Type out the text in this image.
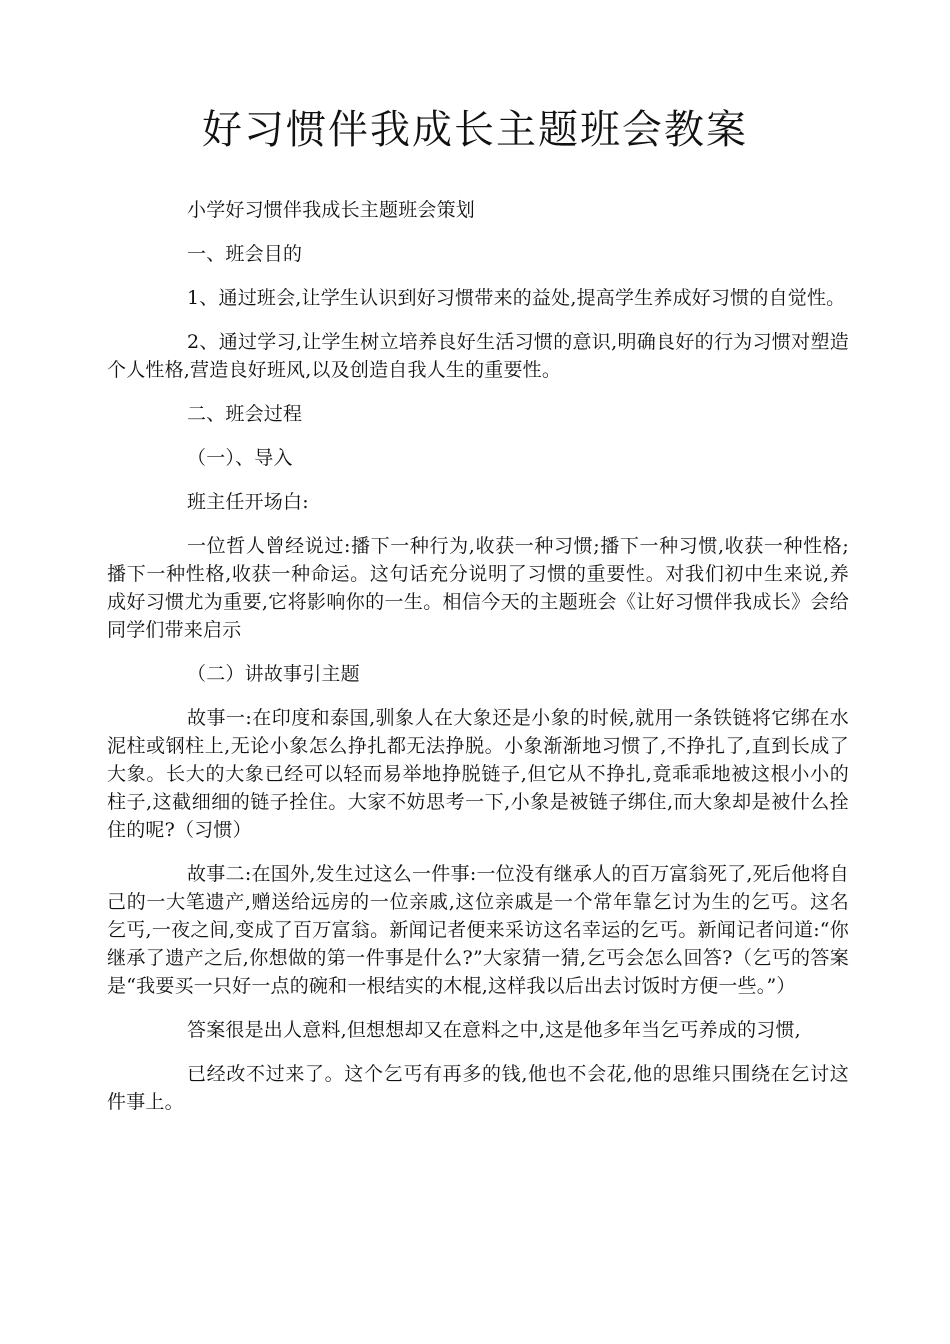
好习惯伴我成长主题班会教案

小学好习惯伴我成长主题班会策划

一、班会目的

1、通过班会,让学生认识到好习惯带来的益处,提高学生养成好习惯的自觉性。

2、通过学习,让学生树立培养良好生活习惯的意识,明确良好的行为习惯对塑造个人性格,营造良好班风,以及创造自我人生的重要性。

二、班会过程

（一）、导入

班主任开场白:

一位哲人曾经说过:播下一种行为,收获一种习惯;播下一种习惯,收获一种性格;播下一种性格,收获一种命运。这句话充分说明了习惯的重要性。对我们初中生来说,养成好习惯尤为重要,它将影响你的一生。相信今天的主题班会《让好习惯伴我成长》会给同学们带来启示

（二）讲故事引主题

故事一:在印度和泰国,驯象人在大象还是小象的时候,就用一条铁链将它绑在水泥柱或钢柱上,无论小象怎么挣扎都无法挣脱。小象渐渐地习惯了,不挣扎了,直到长成了大象。长大的大象已经可以轻而易举地挣脱链子,但它从不挣扎,竟乖乖地被这根小小的柱子,这截细细的链子拴住。大家不妨思考一下,小象是被链子绑住,而大象却是被什么拴住的呢?（习惯）

故事二:在国外,发生过这么一件事:一位没有继承人的百万富翁死了,死后他将自己的一大笔遗产,赠送给远房的一位亲戚,这位亲戚是一个常年靠乞讨为生的乞丐。这名乞丐,一夜之间,变成了百万富翁。新闻记者便来采访这名幸运的乞丐。新闻记者问道:“你继承了遗产之后,你想做的第一件事是什么?”大家猜一猜,乞丐会怎么回答?（乞丐的答案是“我要买一只好一点的碗和一根结实的木棍,这样我以后出去讨饭时方便一些。”）

答案很是出人意料,但想想却又在意料之中,这是他多年当乞丐养成的习惯,

已经改不过来了。这个乞丐有再多的钱,他也不会花,他的思维只围绕在乞讨这件事上。
